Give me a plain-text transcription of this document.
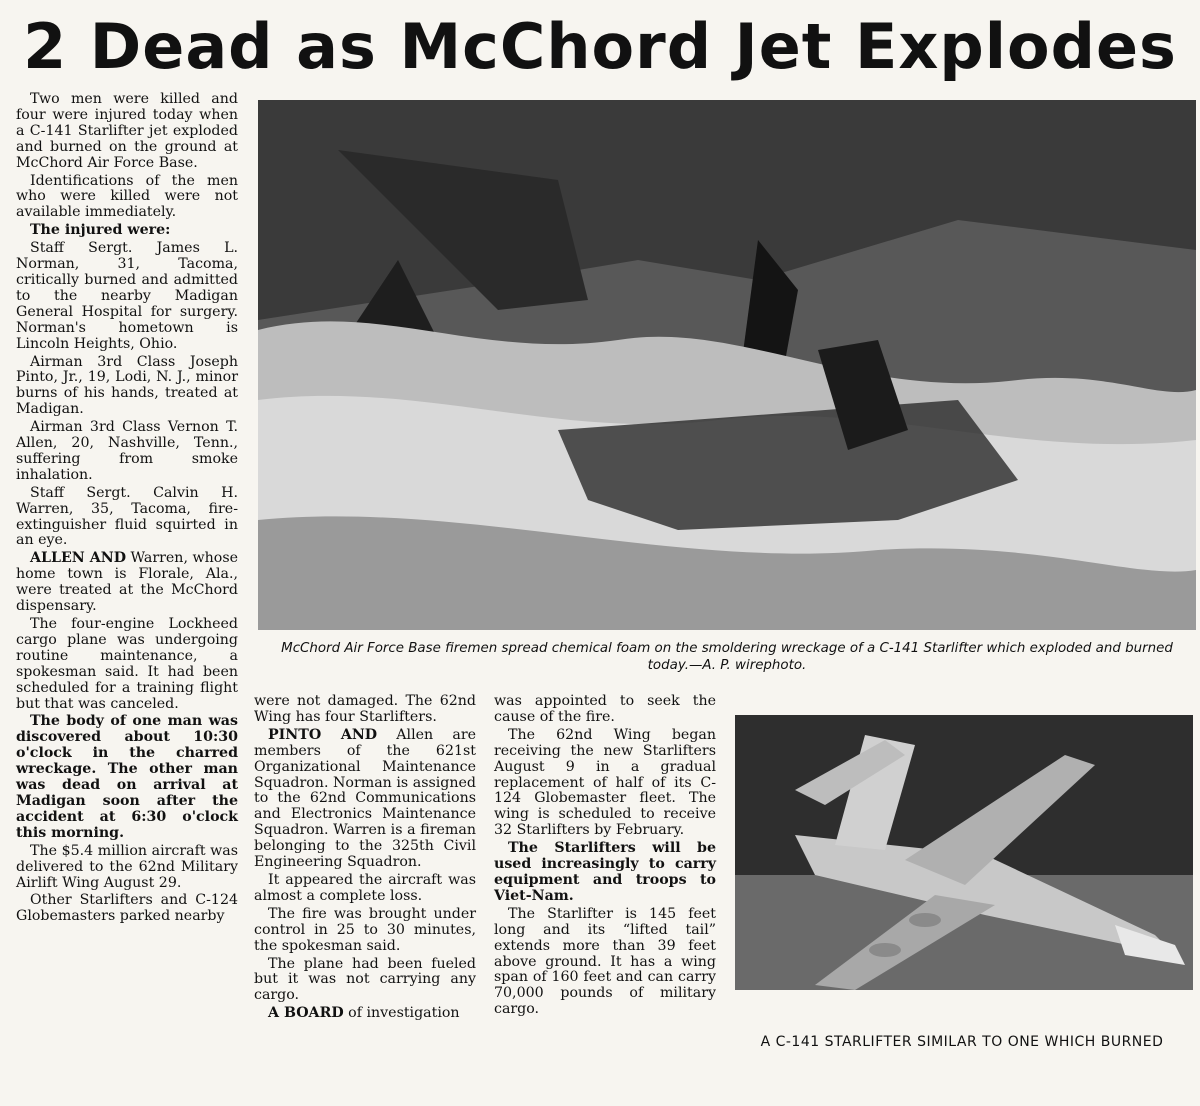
2 Dead as McChord Jet Explodes

Two men were killed and four were injured today when a C-141 Starlifter jet exploded and burned on the ground at McChord Air Force Base.

Identifications of the men who were killed were not available immediately.

The injured were:

Staff Sergt. James L. Norman, 31, Tacoma, critically burned and admitted to the nearby Madigan General Hospital for surgery. Norman's hometown is Lincoln Heights, Ohio.

Airman 3rd Class Joseph Pinto, Jr., 19, Lodi, N. J., minor burns of his hands, treated at Madigan.

Airman 3rd Class Vernon T. Allen, 20, Nashville, Tenn., suffering from smoke inhalation.

Staff Sergt. Calvin H. Warren, 35, Tacoma, fire-extinguisher fluid squirted in an eye.

ALLEN AND Warren, whose home town is Florale, Ala., were treated at the McChord dispensary.

The four-engine Lockheed cargo plane was undergoing routine maintenance, a spokesman said. It had been scheduled for a training flight but that was canceled.

The body of one man was discovered about 10:30 o'clock in the charred wreckage. The other man was dead on arrival at Madigan soon after the accident at 6:30 o'clock this morning.

The $5.4 million aircraft was delivered to the 62nd Military Airlift Wing August 29.

Other Starlifters and C-124 Globemasters parked nearby

McChord Air Force Base firemen spread chemical foam on the smoldering wreckage of a C-141 Starlifter which exploded and burned today.—A. P. wirephoto.

were not damaged. The 62nd Wing has four Starlifters.

PINTO AND Allen are members of the 621st Organizational Maintenance Squadron. Norman is assigned to the 62nd Communications and Electronics Maintenance Squadron. Warren is a fireman belonging to the 325th Civil Engineering Squadron.

It appeared the aircraft was almost a complete loss.

The fire was brought under control in 25 to 30 minutes, the spokesman said.

The plane had been fueled but it was not carrying any cargo.

A BOARD of investigation

was appointed to seek the cause of the fire.

The 62nd Wing began receiving the new Starlifters August 9 in a gradual replacement of half of its C-124 Globemaster fleet. The wing is scheduled to receive 32 Starlifters by February.

The Starlifters will be used increasingly to carry equipment and troops to Viet-Nam.

The Starlifter is 145 feet long and its “lifted tail” extends more than 39 feet above ground. It has a wing span of 160 feet and can carry 70,000 pounds of military cargo.

A C-141 STARLIFTER SIMILAR TO ONE WHICH BURNED
